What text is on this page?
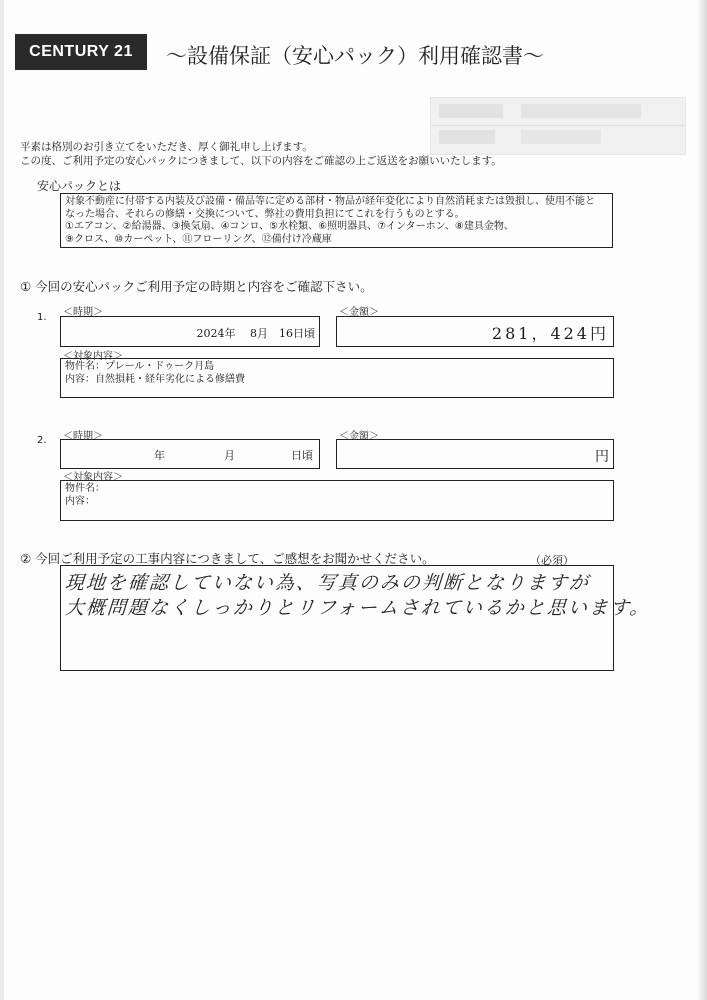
CENTURY 21	～設備保証（安心パック）利用確認書～
平素は格別のお引き立てをいただき、厚く御礼申し上げます。
この度、ご利用予定の安心パックにつきまして、以下の内容をご確認の上ご返送をお願いいたします。
安心パックとは
対象不動産に付帯する内装及び設備・備品等に定める部材・物品が経年変化により自然消耗または毀損し、使用不能と
なった場合、それらの修繕・交換について、弊社の費用負担にてこれを行うものとする。
①エアコン、②給湯器、③換気扇、④コンロ、⑤水栓類、⑥照明器具、⑦インターホン、⑧建具金物、
⑨クロス、⑩カーペット、⑪フローリング、⑫備付け冷蔵庫
① 今回の安心パックご利用予定の時期と内容をご確認下さい。
1. ＜時期＞
2024年　 8月　16日頃
＜金額＞
281，424円
＜対象内容＞
物件名：プレール・ドゥーク月島
内容：自然損耗・経年劣化による修繕費
2. ＜時期＞
年	月	日頃
＜金額＞
円
＜対象内容＞
物件名：
内容：
② 今回ご利用予定の工事内容につきまして、ご感想をお聞かせください。	（必須）
現地を確認していない為、写真のみの判断となりますが
大概問題なくしっかりとリフォームされているかと思います。
